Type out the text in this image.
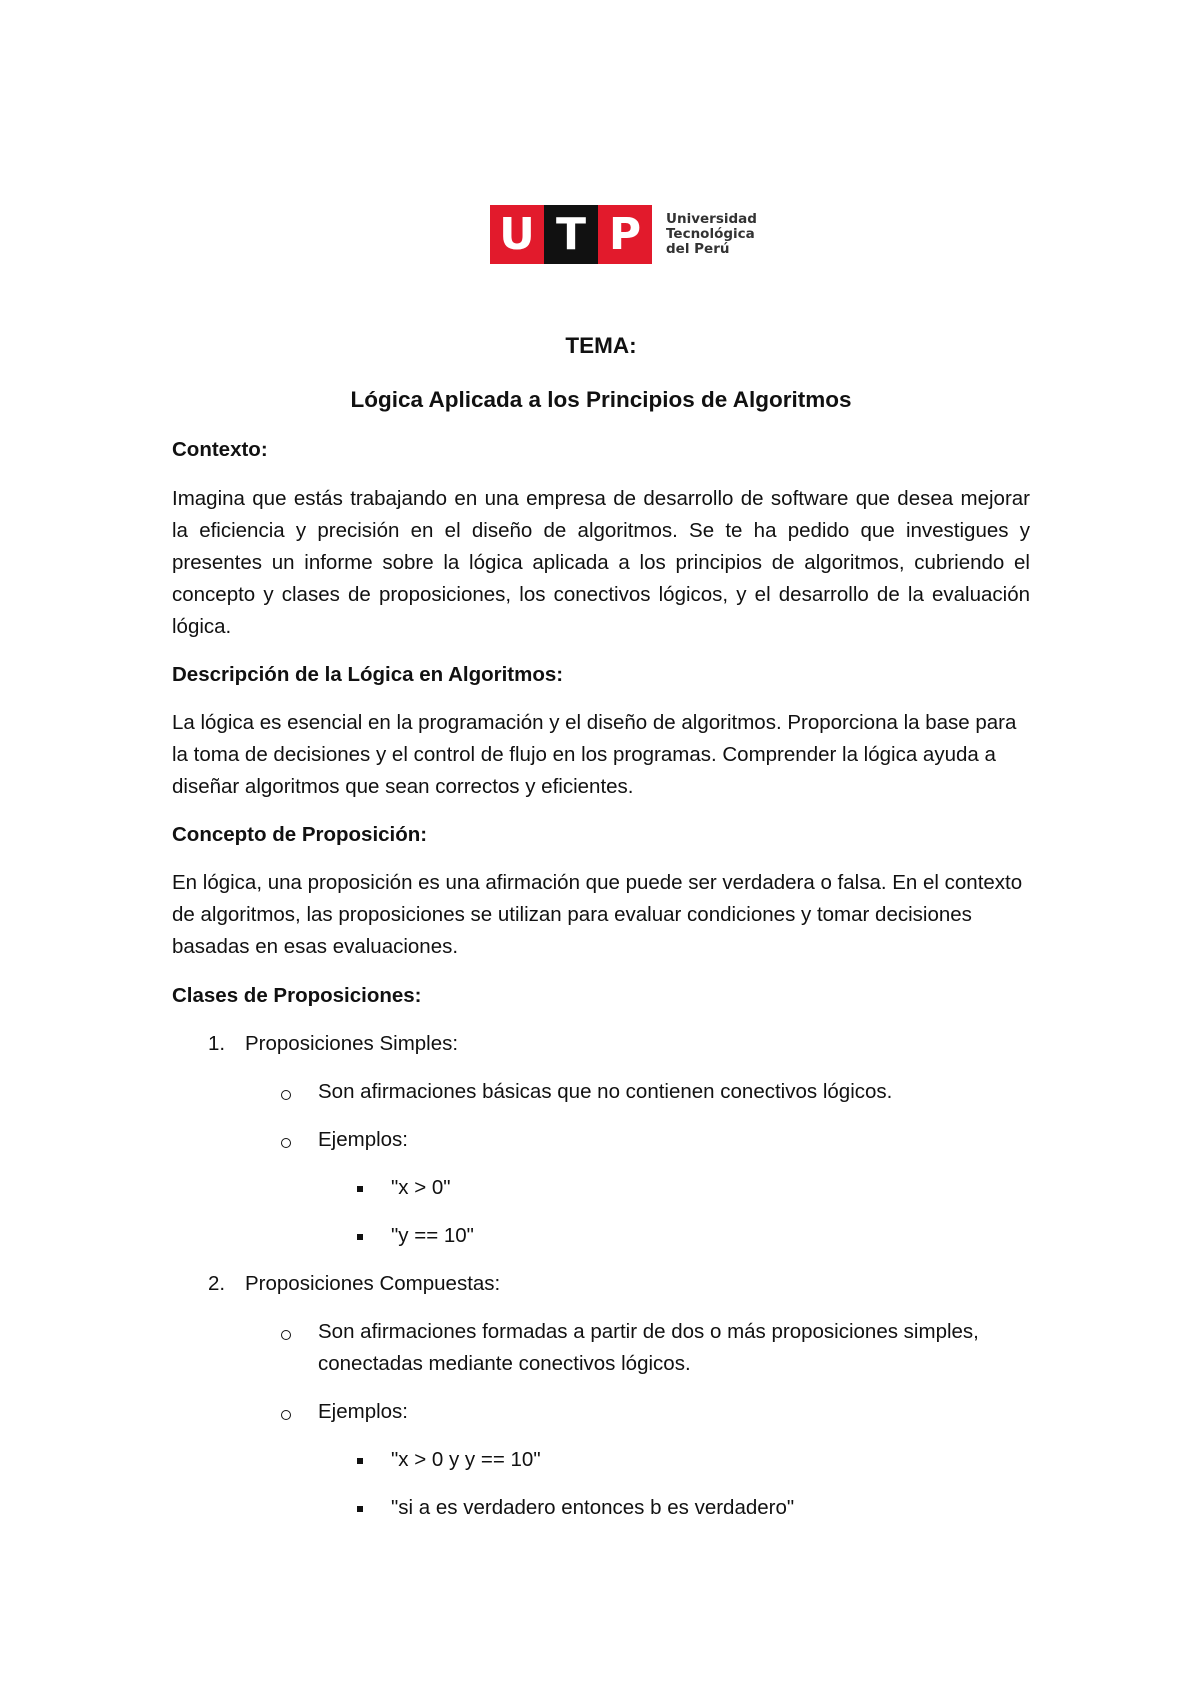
U T P	Universidad
Tecnológica
del Perú
TEMA:
Lógica Aplicada a los Principios de Algoritmos
Contexto:

Imagina que estás trabajando en una empresa de desarrollo de software que desea mejorar la eficiencia y precisión en el diseño de algoritmos. Se te ha pedido que investigues y presentes un informe sobre la lógica aplicada a los principios de algoritmos, cubriendo el concepto y clases de proposiciones, los conectivos lógicos, y el desarrollo de la evaluación lógica.

Descripción de la Lógica en Algoritmos:

La lógica es esencial en la programación y el diseño de algoritmos. Proporciona la base para la toma de decisiones y el control de flujo en los programas. Comprender la lógica ayuda a diseñar algoritmos que sean correctos y eficientes.

Concepto de Proposición:

En lógica, una proposición es una afirmación que puede ser verdadera o falsa. En el contexto de algoritmos, las proposiciones se utilizan para evaluar condiciones y tomar decisiones basadas en esas evaluaciones.

Clases de Proposiciones:
1. Proposiciones Simples:
Son afirmaciones básicas que no contienen conectivos lógicos.
Ejemplos:
"x > 0"
"y == 10"
2. Proposiciones Compuestas:
Son afirmaciones formadas a partir de dos o más proposiciones simples,
conectadas mediante conectivos lógicos.
Ejemplos:
"x > 0 y y == 10"
"si a es verdadero entonces b es verdadero"
